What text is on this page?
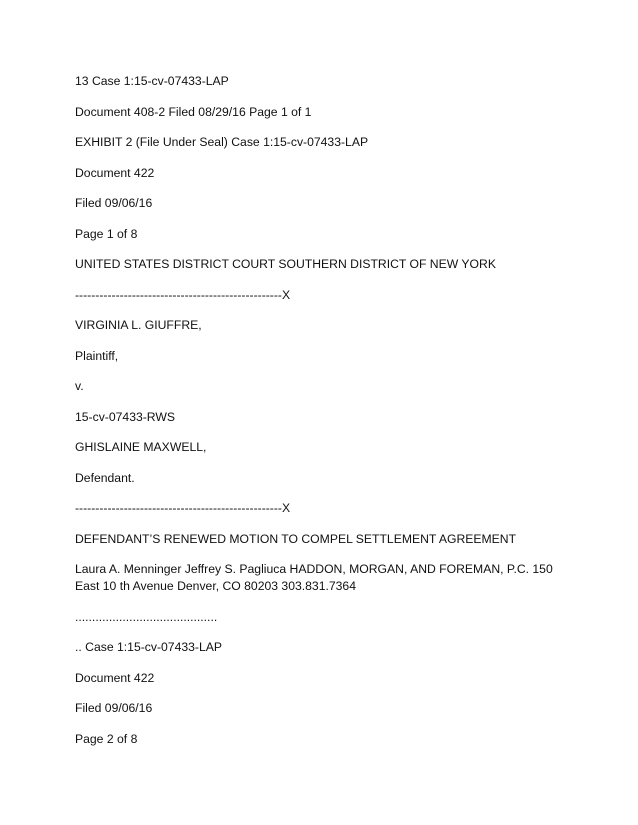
13 Case 1:15-cv-07433-LAP

Document 408-2 Filed 08/29/16 Page 1 of 1

EXHIBIT 2 (File Under Seal) Case 1:15-cv-07433-LAP

Document 422

Filed 09/06/16

Page 1 of 8

UNITED STATES DISTRICT COURT SOUTHERN DISTRICT OF NEW YORK

---------------------------------------------------X

VIRGINIA L. GIUFFRE,

Plaintiff,

v.

15-cv-07433-RWS

GHISLAINE MAXWELL,

Defendant.

---------------------------------------------------X

DEFENDANT’S RENEWED MOTION TO COMPEL SETTLEMENT AGREEMENT

Laura A. Menninger Jeffrey S. Pagliuca HADDON, MORGAN, AND FOREMAN, P.C. 150 East 10 th Avenue Denver, CO 80203 303.831.7364

..........................................

.. Case 1:15-cv-07433-LAP

Document 422

Filed 09/06/16

Page 2 of 8
